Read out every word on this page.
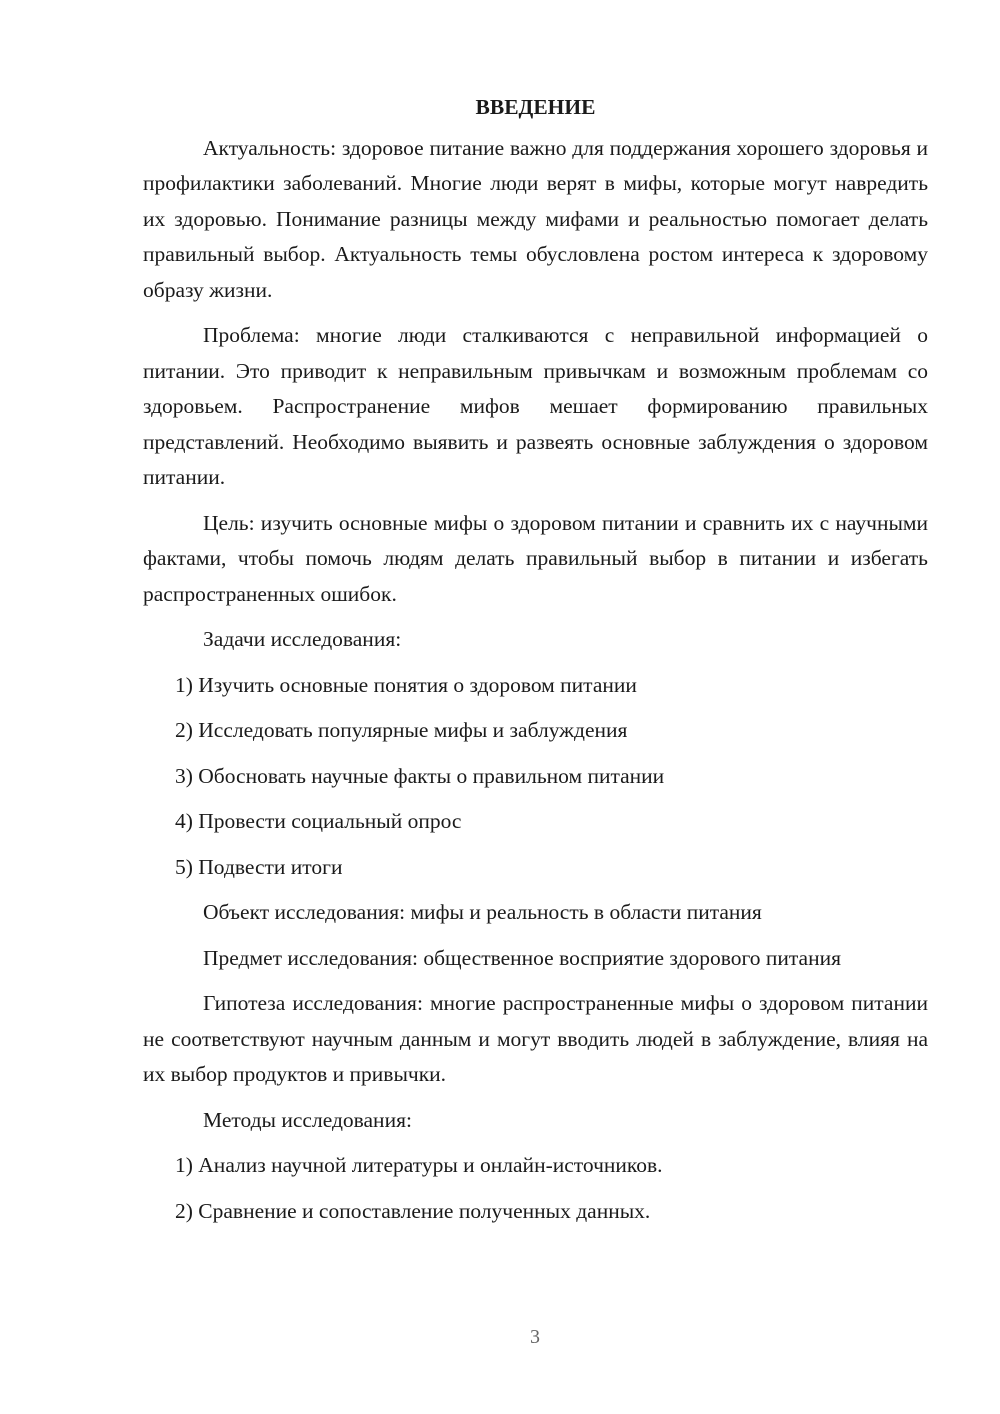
ВВЕДЕНИЕ

Актуальность: здоровое питание важно для поддержания хорошего здоровья и профилактики заболеваний. Многие люди верят в мифы, которые могут навредить их здоровью. Понимание разницы между мифами и реальностью помогает делать правильный выбор. Актуальность темы обусловлена ростом интереса к здоровому образу жизни.

Проблема: многие люди сталкиваются с неправильной информацией о питании. Это приводит к неправильным привычкам и возможным проблемам со здоровьем. Распространение мифов мешает формированию правильных представлений. Необходимо выявить и развеять основные заблуждения о здоровом питании.

Цель: изучить основные мифы о здоровом питании и сравнить их с научными фактами, чтобы помочь людям делать правильный выбор в питании и избегать распространенных ошибок.

Задачи исследования:

1) Изучить основные понятия о здоровом питании
2) Исследовать популярные мифы и заблуждения
3) Обосновать научные факты о правильном питании
4) Провести социальный опрос
5) Подвести итоги

Объект исследования: мифы и реальность в области питания

Предмет исследования: общественное восприятие здорового питания

Гипотеза исследования: многие распространенные мифы о здоровом питании не соответствуют научным данным и могут вводить людей в заблуждение, влияя на их выбор продуктов и привычки.

Методы исследования:

1) Анализ научной литературы и онлайн-источников.
2) Сравнение и сопоставление полученных данных.
3
